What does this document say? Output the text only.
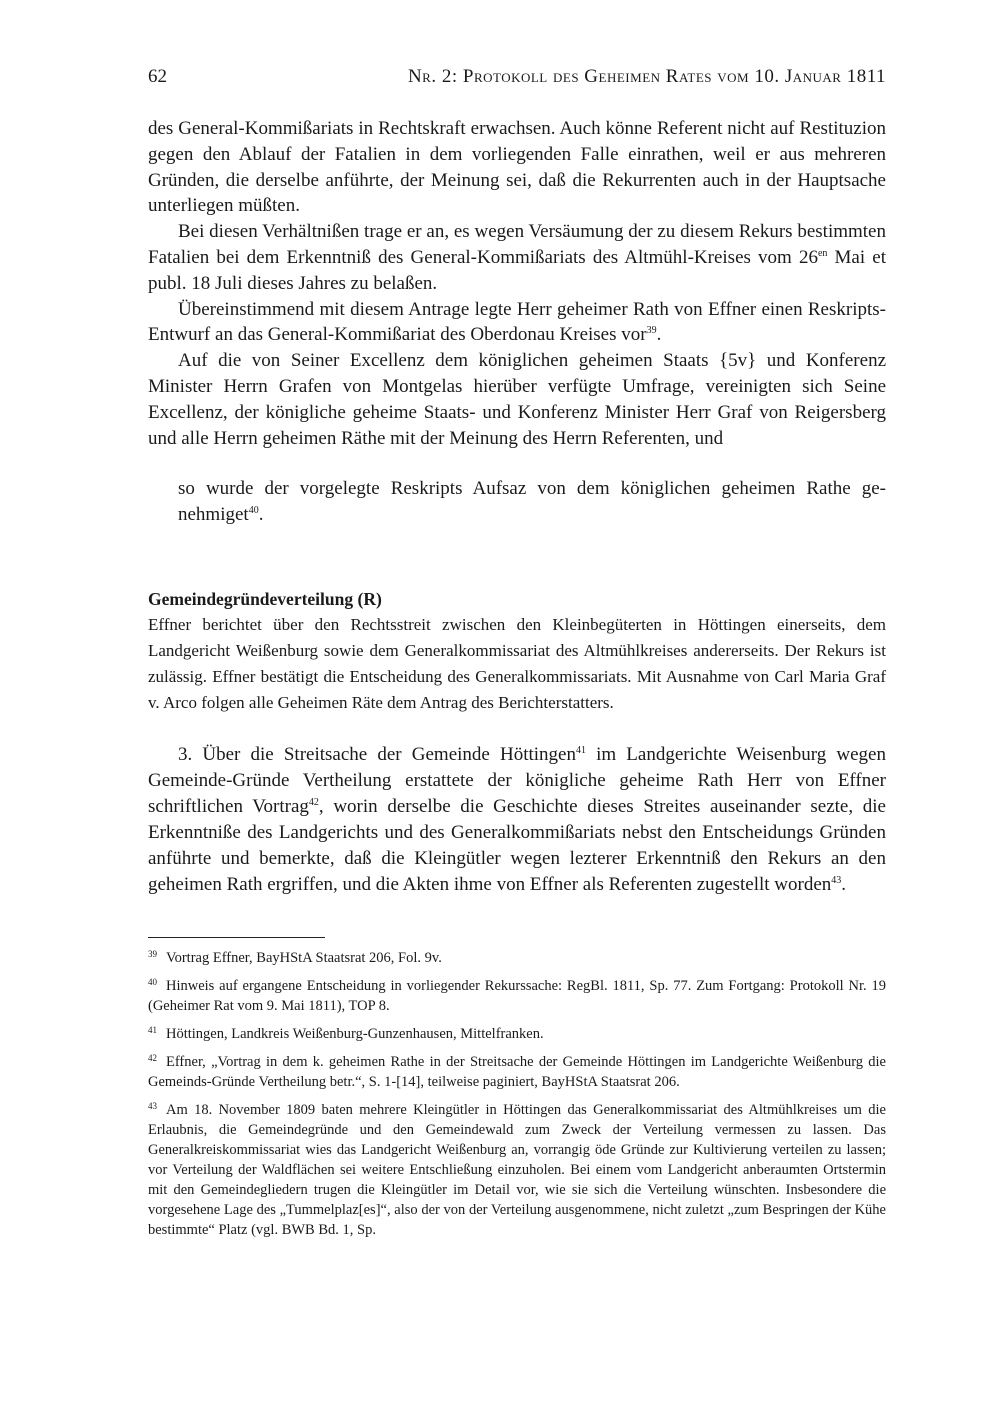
62	Nr. 2: Protokoll des Geheimen Rates vom 10. Januar 1811

des General-Kommißariats in Rechtskraft erwachsen. Auch könne Referent nicht auf Restituzion gegen den Ablauf der Fatalien in dem vorliegenden Falle einrathen, weil er aus mehreren Gründen, die derselbe anführte, der Meinung sei, daß die Rekurrenten auch in der Hauptsache unterliegen müßten.

Bei diesen Verhältnißen trage er an, es wegen Versäumung der zu diesem Rekurs bestimmten Fatalien bei dem Erkenntniß des General-Kommißariats des Altmühl-Kreises vom $26^{en}$ Mai et publ. 18 Juli dieses Jahres zu belaßen.

Übereinstimmend mit diesem Antrage legte Herr geheimer Rath von Effner einen Reskripts-Entwurf an das General-Kommißariat des Oberdonau Kreises vor$^{39}$.

Auf die von Seiner Excellenz dem königlichen geheimen Staats {5v} und Konferenz Minister Herrn Grafen von Montgelas hierüber verfügte Umfrage, vereinigten sich Seine Excellenz, der königliche geheime Staats- und Konferenz Minister Herr Graf von Reigersberg und alle Herrn geheimen Räthe mit der Meinung des Herrn Referenten, und

so wurde der vorgelegte Reskripts Aufsaz von dem königlichen geheimen Rathe genehmiget$^{40}$.

Gemeindegründeverteilung (R)

Effner berichtet über den Rechtsstreit zwischen den Kleinbegüterten in Höttingen einerseits, dem Landgericht Weißenburg sowie dem Generalkommissariat des Altmühlkreises andererseits. Der Rekurs ist zulässig. Effner bestätigt die Entscheidung des Generalkommissariats. Mit Ausnahme von Carl Maria Graf v. Arco folgen alle Geheimen Räte dem Antrag des Berichterstatters.

3. Über die Streitsache der Gemeinde Höttingen$^{41}$ im Landgerichte Weisenburg wegen Gemeinde-Gründe Vertheilung erstattete der königliche geheime Rath Herr von Effner schriftlichen Vortrag$^{42}$, worin derselbe die Geschichte dieses Streites auseinander sezte, die Erkenntniße des Landgerichts und des Generalkommißariats nebst den Entscheidungs Gründen anführte und bemerkte, daß die Kleingütler wegen lezterer Erkenntniß den Rekurs an den geheimen Rath ergriffen, und die Akten ihme von Effner als Referenten zugestellt worden$^{43}$.

$^{39}$ Vortrag Effner, BayHStA Staatsrat 206, Fol. 9v.

$^{40}$ Hinweis auf ergangene Entscheidung in vorliegender Rekurssache: RegBl. 1811, Sp. 77. Zum Fortgang: Protokoll Nr. 19 (Geheimer Rat vom 9. Mai 1811), TOP 8.

$^{41}$ Höttingen, Landkreis Weißenburg-Gunzenhausen, Mittelfranken.

$^{42}$ Effner, „Vortrag in dem k. geheimen Rathe in der Streitsache der Gemeinde Höttingen im Landgerichte Weißenburg die Gemeinds-Gründe Vertheilung betr.“, S. 1-[14], teilweise paginiert, BayHStA Staatsrat 206.

$^{43}$ Am 18. November 1809 baten mehrere Kleingütler in Höttingen das Generalkommissariat des Altmühlkreises um die Erlaubnis, die Gemeindegründe und den Gemeindewald zum Zweck der Verteilung vermessen zu lassen. Das Generalkreiskommissariat wies das Landgericht Weißenburg an, vorrangig öde Gründe zur Kultivierung verteilen zu lassen; vor Verteilung der Waldflächen sei weitere Entschließung einzuholen. Bei einem vom Landgericht anberaumten Ortstermin mit den Gemeindegliedern trugen die Kleingütler im Detail vor, wie sie sich die Verteilung wünschten. Insbesondere die vorgesehene Lage des „Tummelplaz[es]“, also der von der Verteilung ausgenommene, nicht zuletzt „zum Bespringen der Kühe bestimmte“ Platz (vgl. BWB Bd. 1, Sp.
